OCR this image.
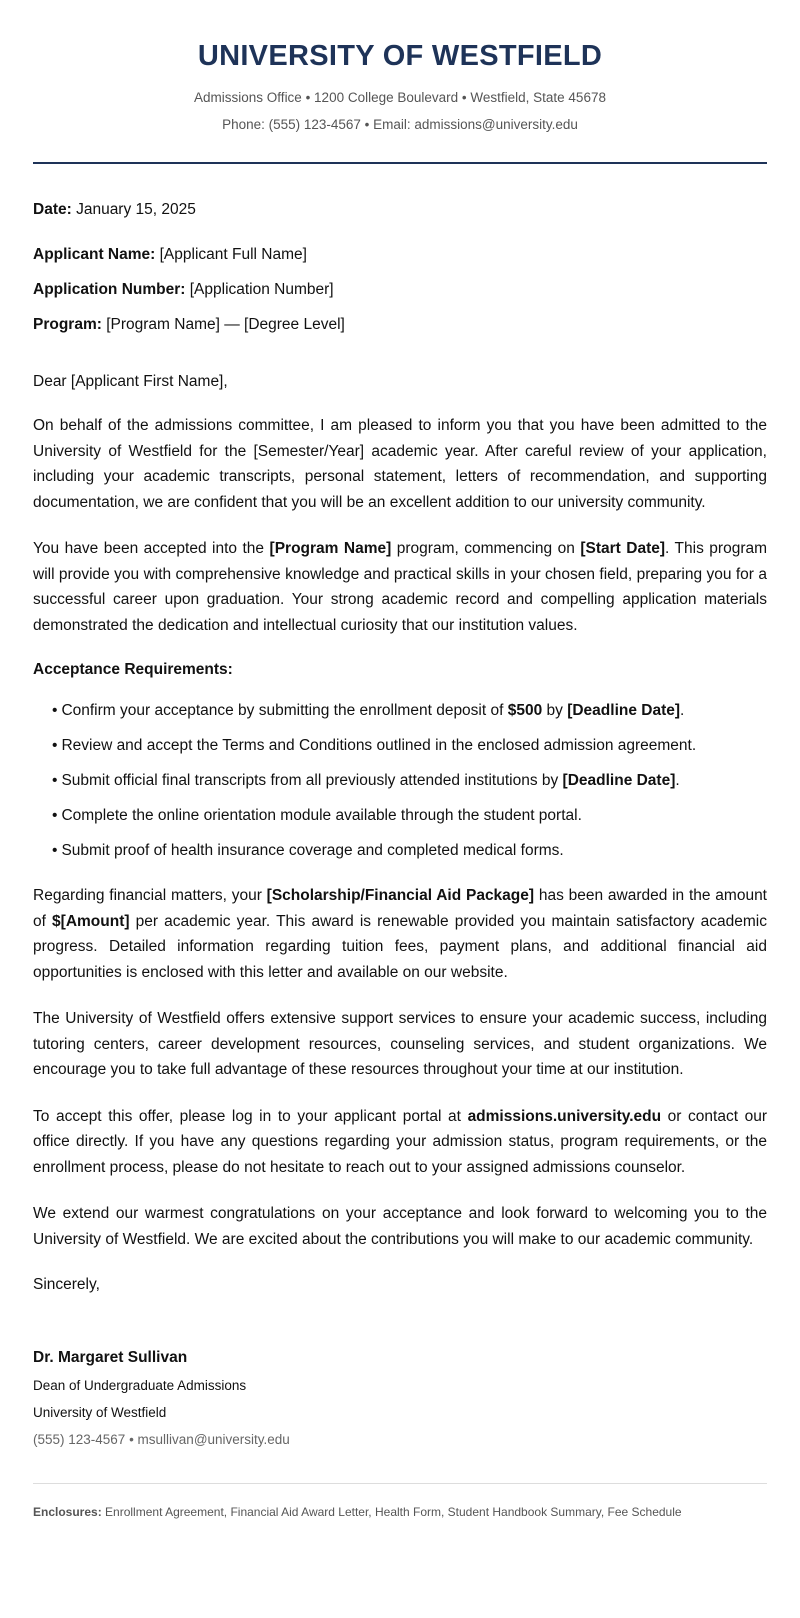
UNIVERSITY OF WESTFIELD
Admissions Office • 1200 College Boulevard • Westfield, State 45678
Phone: (555) 123-4567 • Email: admissions@university.edu

Date: January 15, 2025

Applicant Name: [Applicant Full Name]

Application Number: [Application Number]

Program: [Program Name] — [Degree Level]

Dear [Applicant First Name],

On behalf of the admissions committee, I am pleased to inform you that you have been admitted to the University of Westfield for the [Semester/Year] academic year. After careful review of your application, including your academic transcripts, personal statement, letters of recommendation, and supporting documentation, we are confident that you will be an excellent addition to our university community.

You have been accepted into the [Program Name] program, commencing on [Start Date]. This program will provide you with comprehensive knowledge and practical skills in your chosen field, preparing you for a successful career upon graduation. Your strong academic record and compelling application materials demonstrated the dedication and intellectual curiosity that our institution values.

Acceptance Requirements:
• Confirm your acceptance by submitting the enrollment deposit of $500 by [Deadline Date].
• Review and accept the Terms and Conditions outlined in the enclosed admission agreement.
• Submit official final transcripts from all previously attended institutions by [Deadline Date].
• Complete the online orientation module available through the student portal.
• Submit proof of health insurance coverage and completed medical forms.

Regarding financial matters, your [Scholarship/Financial Aid Package] has been awarded in the amount of $[Amount] per academic year. This award is renewable provided you maintain satisfactory academic progress. Detailed information regarding tuition fees, payment plans, and additional financial aid opportunities is enclosed with this letter and available on our website.

The University of Westfield offers extensive support services to ensure your academic success, including tutoring centers, career development resources, counseling services, and student organizations. We encourage you to take full advantage of these resources throughout your time at our institution.

To accept this offer, please log in to your applicant portal at admissions.university.edu or contact our office directly. If you have any questions regarding your admission status, program requirements, or the enrollment process, please do not hesitate to reach out to your assigned admissions counselor.

We extend our warmest congratulations on your acceptance and look forward to welcoming you to the University of Westfield. We are excited about the contributions you will make to our academic community.

Sincerely,
Dr. Margaret Sullivan
Dean of Undergraduate Admissions
University of Westfield
(555) 123-4567 • msullivan@university.edu
Enclosures: Enrollment Agreement, Financial Aid Award Letter, Health Form, Student Handbook Summary, Fee Schedule
